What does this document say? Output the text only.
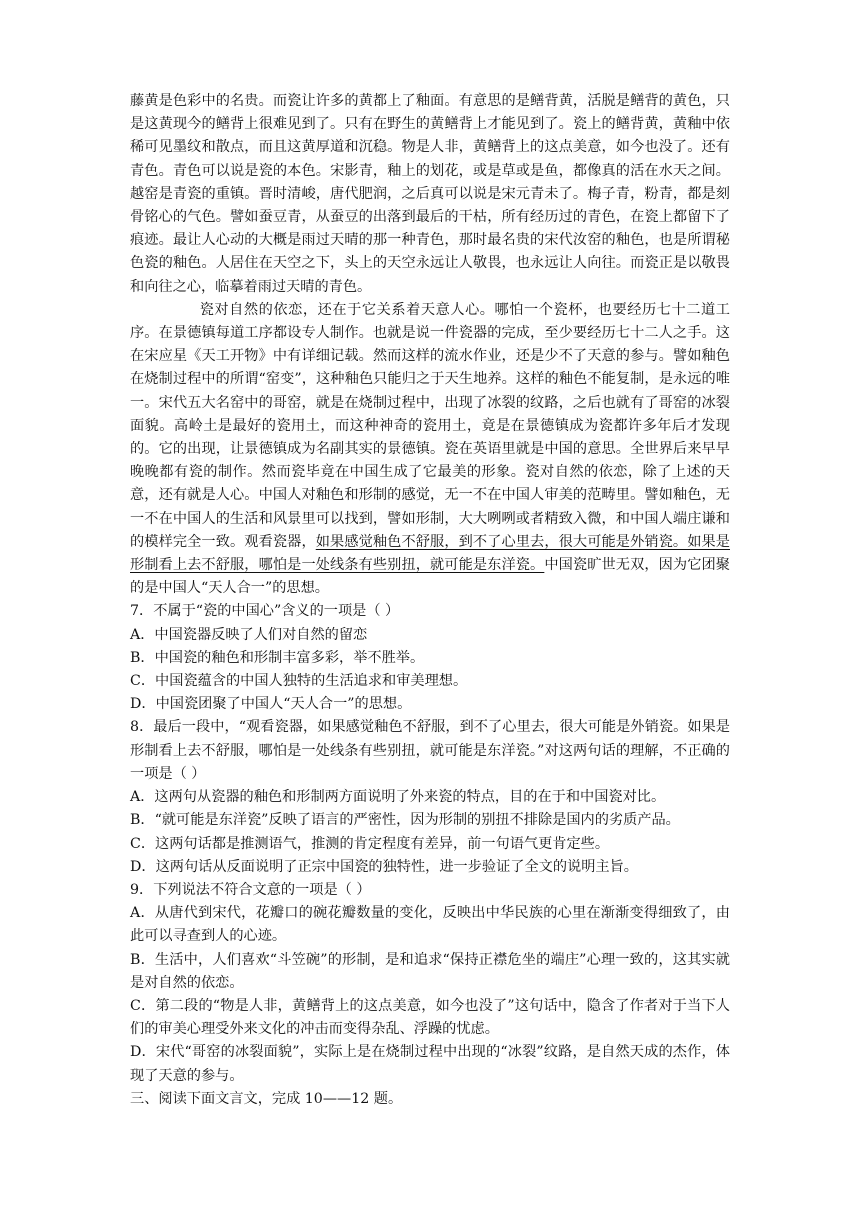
藤黄是色彩中的名贵。而瓷让许多的黄都上了釉面。有意思的是鳝背黄，活脱是鳝背的黄色，只是这黄现今的鳝背上很难见到了。只有在野生的黄鳝背上才能见到了。瓷上的鳝背黄，黄釉中依稀可见墨纹和散点，而且这黄厚道和沉稳。物是人非，黄鳝背上的这点美意，如今也没了。还有青色。青色可以说是瓷的本色。宋影青，釉上的划花，或是草或是鱼，都像真的活在水天之间。越窑是青瓷的重镇。晋时清峻，唐代肥润，之后真可以说是宋元青未了。梅子青，粉青，都是刻骨铭心的气色。譬如蚕豆青，从蚕豆的出落到最后的干枯，所有经历过的青色，在瓷上都留下了痕迹。最让人心动的大概是雨过天晴的那一种青色，那时最名贵的宋代汝窑的釉色，也是所谓秘色瓷的釉色。人居住在天空之下，头上的天空永远让人敬畏，也永远让人向往。而瓷正是以敬畏和向往之心，临摹着雨过天晴的青色。

瓷对自然的依恋，还在于它关系着天意人心。哪怕一个瓷杯，也要经历七十二道工序。在景德镇每道工序都设专人制作。也就是说一件瓷器的完成，至少要经历七十二人之手。这在宋应星《天工开物》中有详细记载。然而这样的流水作业，还是少不了天意的参与。譬如釉色在烧制过程中的所谓“窑变”，这种釉色只能归之于天生地养。这样的釉色不能复制，是永远的唯一。宋代五大名窑中的哥窑，就是在烧制过程中，出现了冰裂的纹路，之后也就有了哥窑的冰裂面貌。高岭土是最好的瓷用土，而这种神奇的瓷用土，竟是在景德镇成为瓷都许多年后才发现的。它的出现，让景德镇成为名副其实的景德镇。瓷在英语里就是中国的意思。全世界后来早早晚晚都有瓷的制作。然而瓷毕竟在中国生成了它最美的形象。瓷对自然的依恋，除了上述的天意，还有就是人心。中国人对釉色和形制的感觉，无一不在中国人审美的范畴里。譬如釉色，无一不在中国人的生活和风景里可以找到，譬如形制，大大咧咧或者精致入微，和中国人端庄谦和的模样完全一致。观看瓷器，如果感觉釉色不舒服，到不了心里去，很大可能是外销瓷。如果是形制看上去不舒服，哪怕是一处线条有些别扭，就可能是东洋瓷。中国瓷旷世无双，因为它团聚的是中国人“天人合一”的思想。

7．不属于“瓷的中国心”含义的一项是（ ）

A．中国瓷器反映了人们对自然的留恋

B．中国瓷的釉色和形制丰富多彩，举不胜举。

C．中国瓷蕴含的中国人独特的生活追求和审美理想。

D．中国瓷团聚了中国人“天人合一”的思想。

8．最后一段中，“观看瓷器，如果感觉釉色不舒服，到不了心里去，很大可能是外销瓷。如果是形制看上去不舒服，哪怕是一处线条有些别扭，就可能是东洋瓷。”对这两句话的理解，不正确的一项是（ ）

A．这两句从瓷器的釉色和形制两方面说明了外来瓷的特点，目的在于和中国瓷对比。

B．“就可能是东洋瓷”反映了语言的严密性，因为形制的别扭不排除是国内的劣质产品。

C．这两句话都是推测语气，推测的肯定程度有差异，前一句语气更肯定些。

D．这两句话从反面说明了正宗中国瓷的独特性，进一步验证了全文的说明主旨。

9．下列说法不符合文意的一项是（ ）

A．从唐代到宋代，花瓣口的碗花瓣数量的变化，反映出中华民族的心里在渐渐变得细致了，由此可以寻查到人的心迹。

B．生活中，人们喜欢“斗笠碗”的形制，是和追求“保持正襟危坐的端庄”心理一致的，这其实就是对自然的依恋。

C．第二段的“物是人非，黄鳝背上的这点美意，如今也没了”这句话中，隐含了作者对于当下人们的审美心理受外来文化的冲击而变得杂乱、浮躁的忧虑。

D．宋代“哥窑的冰裂面貌”，实际上是在烧制过程中出现的“冰裂”纹路，是自然天成的杰作，体现了天意的参与。

三、阅读下面文言文，完成 10——12 题。
